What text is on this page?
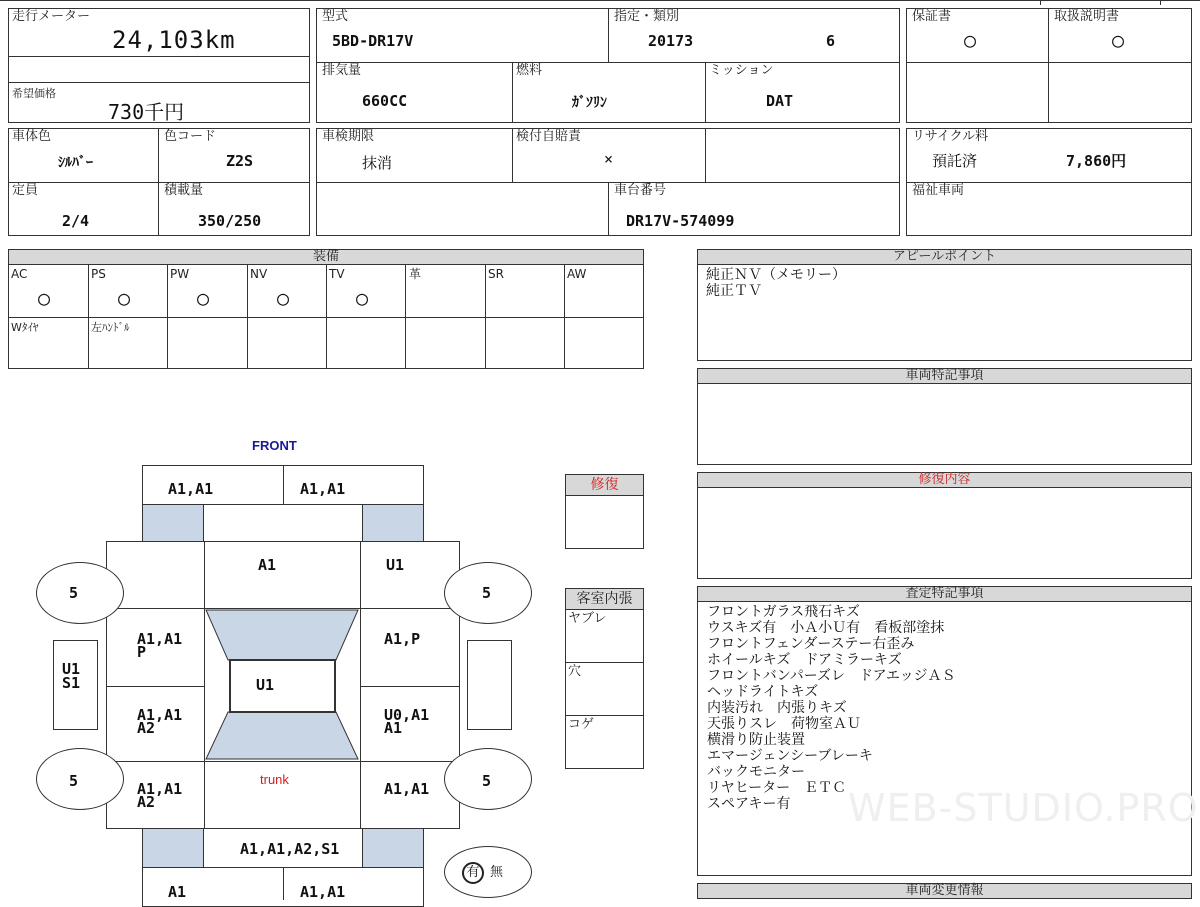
走行メーター
24,103km
希望価格
730千円
型式
5BD-DR17V
指定・類別
20173	6
排気量
660CC
燃料
ｶﾞｿﾘﾝ
ミッション
DAT
保証書
○
取扱説明書
○
車体色
ｼﾙﾊﾞｰ
色コード
Z2S
定員
2/4
積載量
350/250
車検期限
抹消
検付自賠責
×
車台番号
DR17V-574099
リサイクル料
預託済	7,860円
福祉車両
装備
AC	PS	PW	NV	TV	革	SR	AW
○	○	○	○	○
Wﾀｲﾔ	左ﾊﾝﾄﾞﾙ
アピールポイント
純正ＮＶ（メモリー）
純正ＴＶ
車両特記事項
修復内容
査定特記事項
フロントガラス飛石キズ
ウスキズ有　小Ａ小Ｕ有　看板部塗抹
フロントフェンダーステー右歪み
ホイールキズ　ドアミラーキズ
フロントバンパーズレ　ドアエッジＡＳ
ヘッドライトキズ
内装汚れ　内張りキズ
天張りスレ　荷物室ＡＵ
横滑り防止装置
エマージェンシーブレーキ
バックモニター
リヤヒーター　ＥＴＣ
スペアキー有 WEB-STUDIO.PRO
車両変更情報
修復
客室内張
ヤブレ
穴
コゲ
有 無
FRONT
A1,A1	A1,A1
U1
A1	U1
A1,A1
P
A1,P
A1,A1
A2
U0,A1
A1
A1,A1
A2
A1,A1
trunk
U1
S1
5	5
5	5
A1,A1,A2,S1
A1	A1,A1
